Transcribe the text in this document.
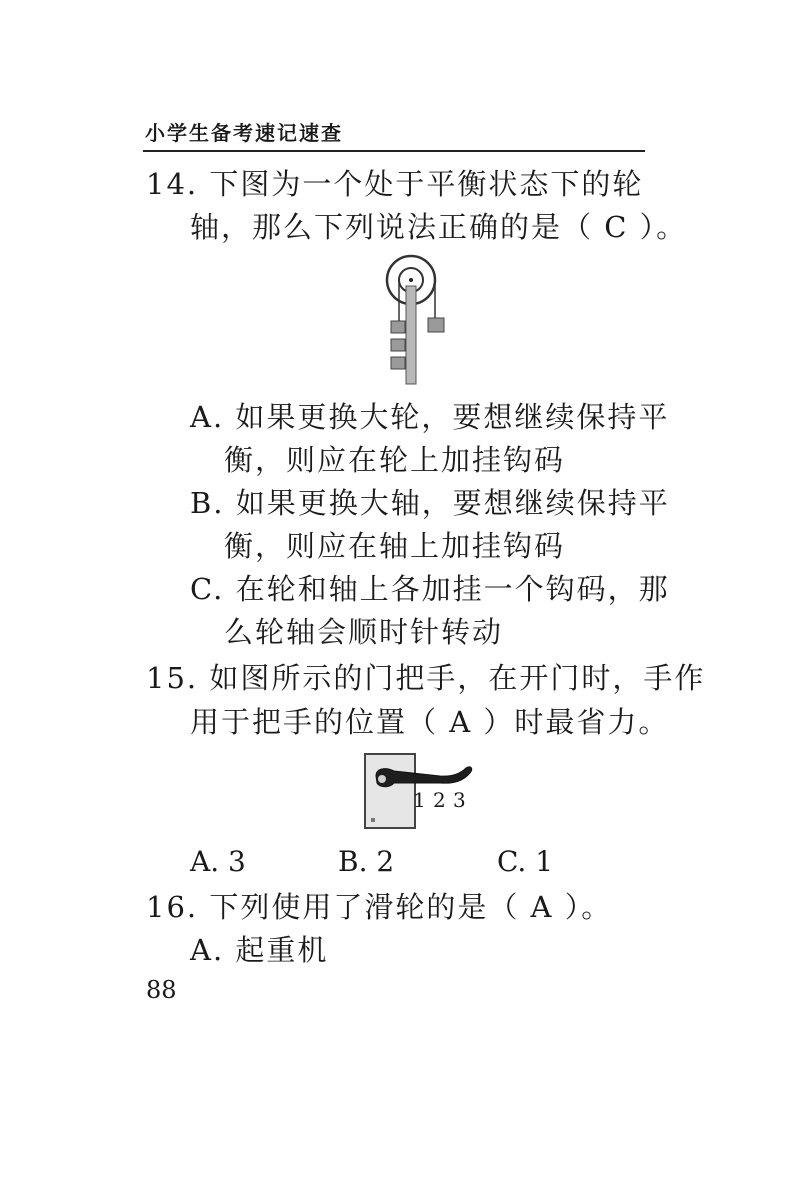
小学生备考速记速查
14. 下图为一个处于平衡状态下的轮
轴，那么下列说法正确的是（ C ）。
A. 如果更换大轮，要想继续保持平
衡，则应在轮上加挂钩码
B. 如果更换大轴，要想继续保持平
衡，则应在轴上加挂钩码
C. 在轮和轴上各加挂一个钩码，那
么轮轴会顺时针转动
15. 如图所示的门把手，在开门时，手作
用于把手的位置（ A ）时最省力。
1 2 3
A. 3	B. 2	C. 1
16. 下列使用了滑轮的是（ A ）。
A. 起重机
88
